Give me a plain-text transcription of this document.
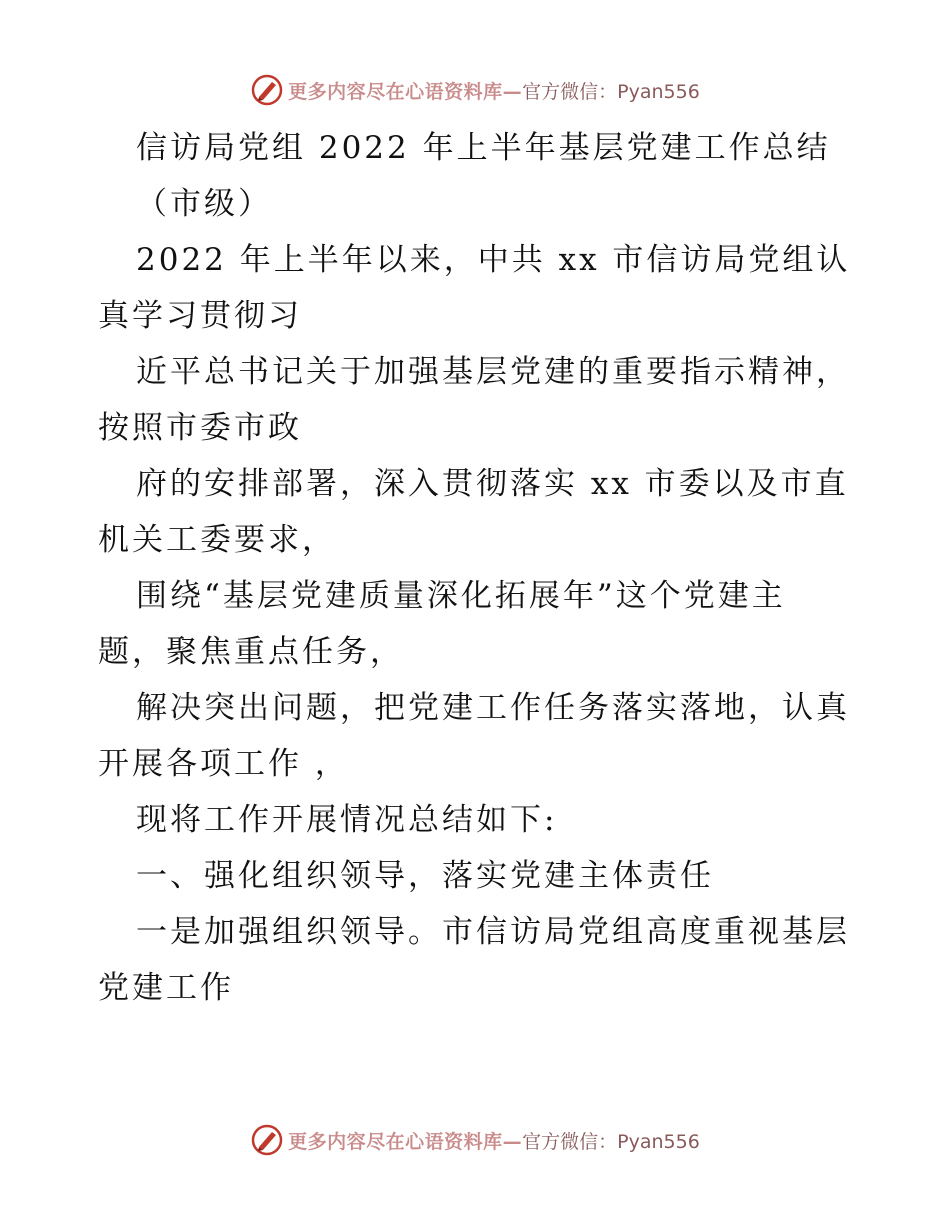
更多内容尽在心语资料库— 官方微信：Pyan556
信访局党组 2022 年上半年基层党建工作总结
（市级）
2022 年上半年以来，中共 xx 市信访局党组认
真学习贯彻习
近平总书记关于加强基层党建的重要指示精神，
按照市委市政
府的安排部署，深入贯彻落实 xx 市委以及市直
机关工委要求，
围绕“基层党建质量深化拓展年”这个党建主
题，聚焦重点任务，
解决突出问题，把党建工作任务落实落地，认真
开展各项工作 ，
现将工作开展情况总结如下:
一、强化组织领导，落实党建主体责任
一是加强组织领导。市信访局党组高度重视基层
党建工作
更多内容尽在心语资料库— 官方微信：Pyan556
